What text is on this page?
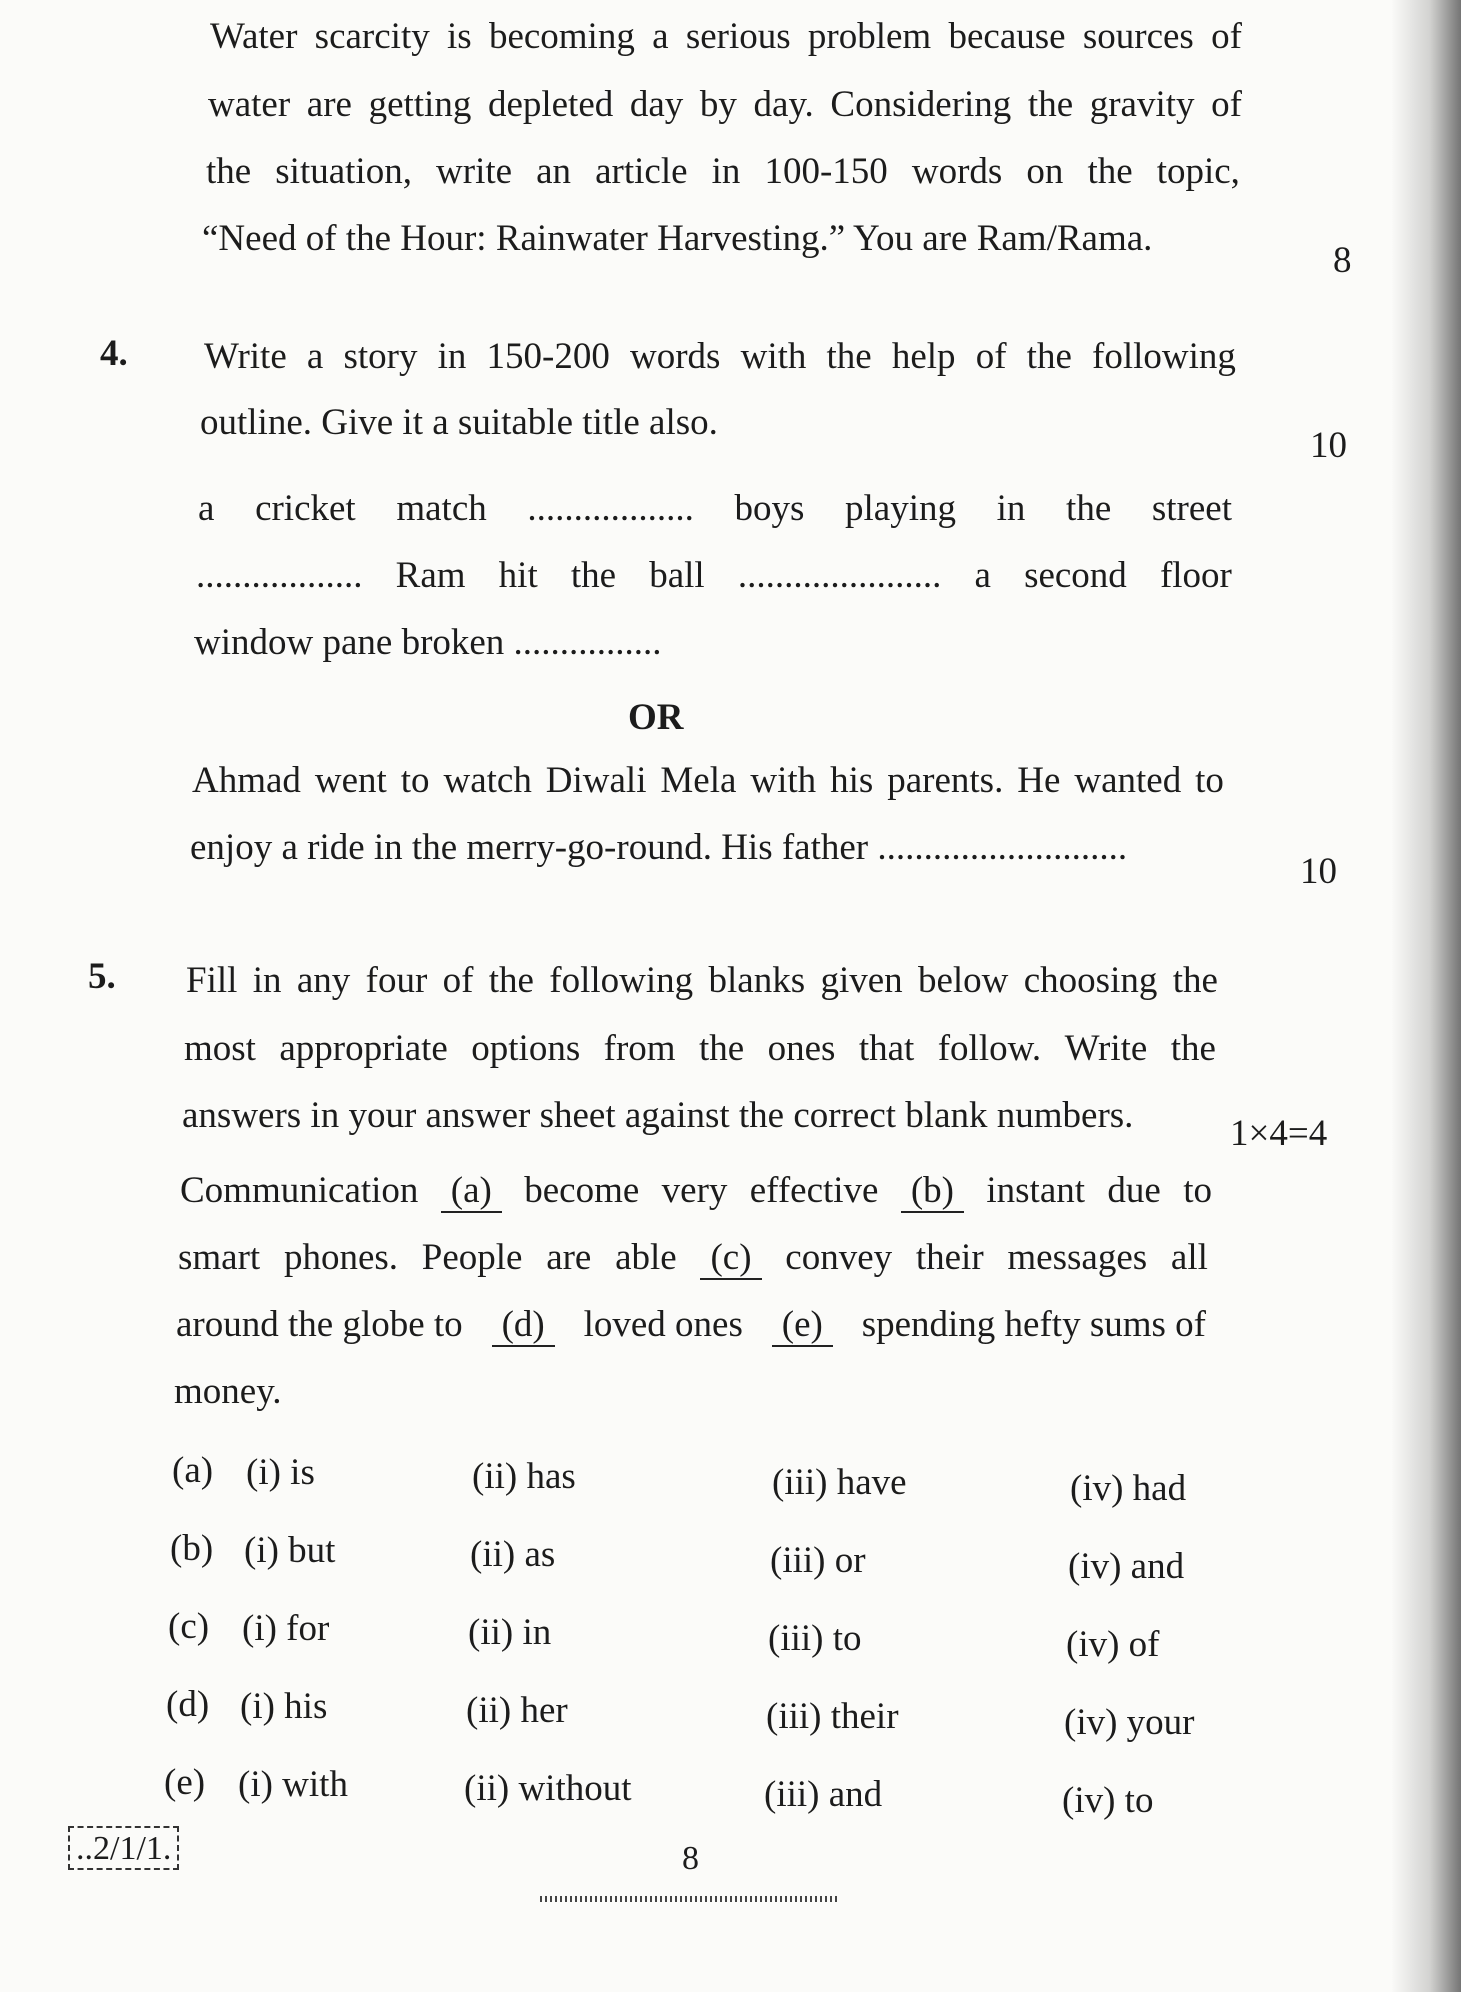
Water scarcity is becoming a serious problem because sources of
water are getting depleted day by day. Considering the gravity of
the situation, write an article in 100-150 words on the topic,
“Need of the Hour: Rainwater Harvesting.” You are Ram/Rama.
8
4. Write a story in 150-200 words with the help of the following
outline. Give it a suitable title also.
10
a cricket match .................. boys playing in the street
.................. Ram hit the ball ...................... a second floor
window pane broken ................
OR
Ahmad went to watch Diwali Mela with his parents. He wanted to
enjoy a ride in the merry-go-round. His father ...........................
10
5. Fill in any four of the following blanks given below choosing the
most appropriate options from the ones that follow. Write the
answers in your answer sheet against the correct blank numbers.	1×4=4
Communication (a) become very effective (b) instant due to
smart phones. People are able (c) convey their messages all
around the globe to (d) loved ones (e) spending hefty sums of
money.
(a) (i) is	(ii) has	(iii) have	(iv) had
(b) (i) but	(ii) as	(iii) or	(iv) and
(c) (i) for	(ii) in	(iii) to	(iv) of
(d) (i) his	(ii) her	(iii) their	(iv) your
(e) (i) with	(ii) without	(iii) and	(iv) to
..2/1/1.	8
